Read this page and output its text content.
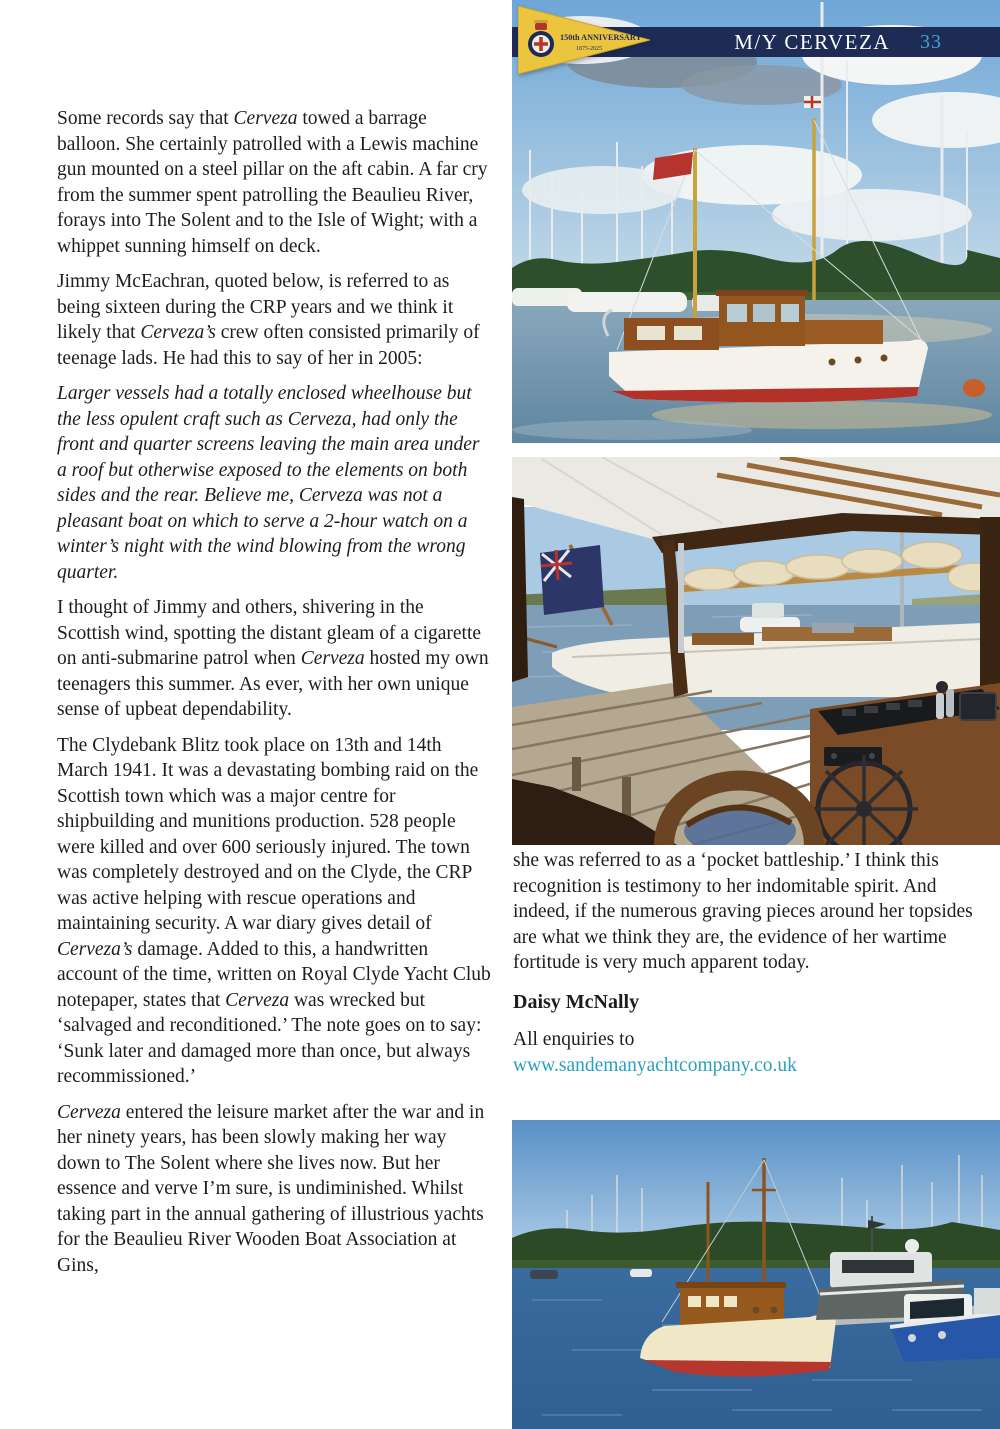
Some records say that Cerveza towed a barrage balloon. She certainly patrolled with a Lewis machine gun mounted on a steel pillar on the aft cabin. A far cry from the summer spent patrolling the Beaulieu River, forays into The Solent and to the Isle of Wight; with a whippet sunning himself on deck.

Jimmy McEachran, quoted below, is referred to as being sixteen during the CRP years and we think it likely that Cerveza’s crew often consisted primarily of teenage lads. He had this to say of her in 2005:

Larger vessels had a totally enclosed wheelhouse but the less opulent craft such as Cerveza, had only the front and quarter screens leaving the main area under a roof but otherwise exposed to the elements on both sides and the rear. Believe me, Cerveza was not a pleasant boat on which to serve a 2-hour watch on a winter’s night with the wind blowing from the wrong quarter.

I thought of Jimmy and others, shivering in the Scottish wind, spotting the distant gleam of a cigarette on anti-submarine patrol when Cerveza hosted my own teenagers this summer. As ever, with her own unique sense of upbeat dependability.

The Clydebank Blitz took place on 13th and 14th March 1941. It was a devastating bombing raid on the Scottish town which was a major centre for shipbuilding and munitions production. 528 people were killed and over 600 seriously injured. The town was completely destroyed and on the Clyde, the CRP was active helping with rescue operations and maintaining security. A war diary gives detail of Cerveza’s damage. Added to this, a handwritten account of the time, written on Royal Clyde Yacht Club notepaper, states that Cerveza was wrecked but ‘salvaged and reconditioned.’ The note goes on to say: ‘Sunk later and damaged more than once, but always recommissioned.’

Cerveza entered the leisure market after the war and in her ninety years, has been slowly making her way down to The Solent where she lives now. But her essence and verve I’m sure, is undiminished. Whilst taking part in the annual gathering of illustrious yachts for the Beaulieu River Wooden Boat Association at Gins,

M/Y CERVEZA 33
150th ANNIVERSARY
1875-2025

she was referred to as a ‘pocket battleship.’ I think this recognition is testimony to her indomitable spirit. And indeed, if the numerous graving pieces around her topsides are what we think they are, the evidence of her wartime fortitude is very much apparent today.

Daisy McNally

All enquiries to
www.sandemanyachtcompany.co.uk
